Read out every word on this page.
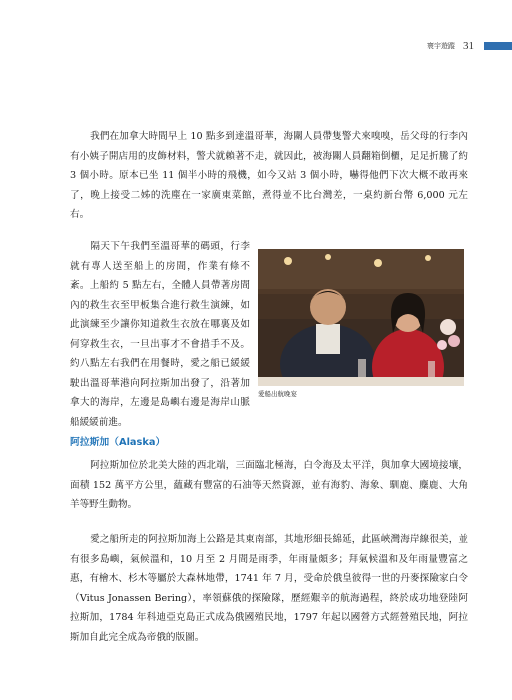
寰宇遊蹤 31

我們在加拿大時間早上 10 點多到達溫哥華，海關人員帶隻警犬來嗅嗅，岳父母的行李內有小姨子開店用的皮飾材料，警犬就賴著不走，就因此，被海關人員翻箱倒櫃，足足折騰了約 3 個小時。原本已坐 11 個半小時的飛機，如今又站 3 個小時，嚇得他們下次大概不敢再來了，晚上接受二姊的洗塵在一家廣東菜館，煮得並不比台灣差，一桌約新台幣 6,000 元左右。

隔天下午我們至溫哥華的碼頭，行李就有專人送至船上的房間，作業有條不紊。上船約 5 點左右，全體人員帶著房間內的救生衣至甲板集合進行救生演練，如此演練至少讓你知道救生衣放在哪裏及如何穿救生衣，一旦出事才不會措手不及。約八點左右我們在用餐時，愛之船已緩緩駛出溫哥華港向阿拉斯加出發了，沿著加拿大的海岸，左邊是島嶼右邊是海岸山脈船緩緩前進。

愛船出航晚宴
阿拉斯加（Alaska）

阿拉斯加位於北美大陸的西北端，三面臨北極海，白令海及太平洋，與加拿大國境接壤，面積 152 萬平方公里，蘊藏有豐富的石油等天然資源，並有海豹、海象、馴鹿、麋鹿、大角羊等野生動物。

愛之船所走的阿拉斯加海上公路是其東南部，其地形細長綿延，此區峽灣海岸線很美，並有很多島嶼，氣候溫和，10 月至 2 月間是雨季，年雨量頗多；拜氣候溫和及年雨量豐富之惠，有檜木、杉木等屬於大森林地帶，1741 年 7 月，受命於俄皇彼得一世的丹麥探險家白令（Vitus Jonassen Bering），率領蘇俄的探險隊，歷經艱辛的航海過程，終於成功地登陸阿拉斯加，1784 年科迪亞克島正式成為俄國殖民地，1797 年起以國營方式經營殖民地，阿拉斯加自此完全成為帝俄的版圖。
